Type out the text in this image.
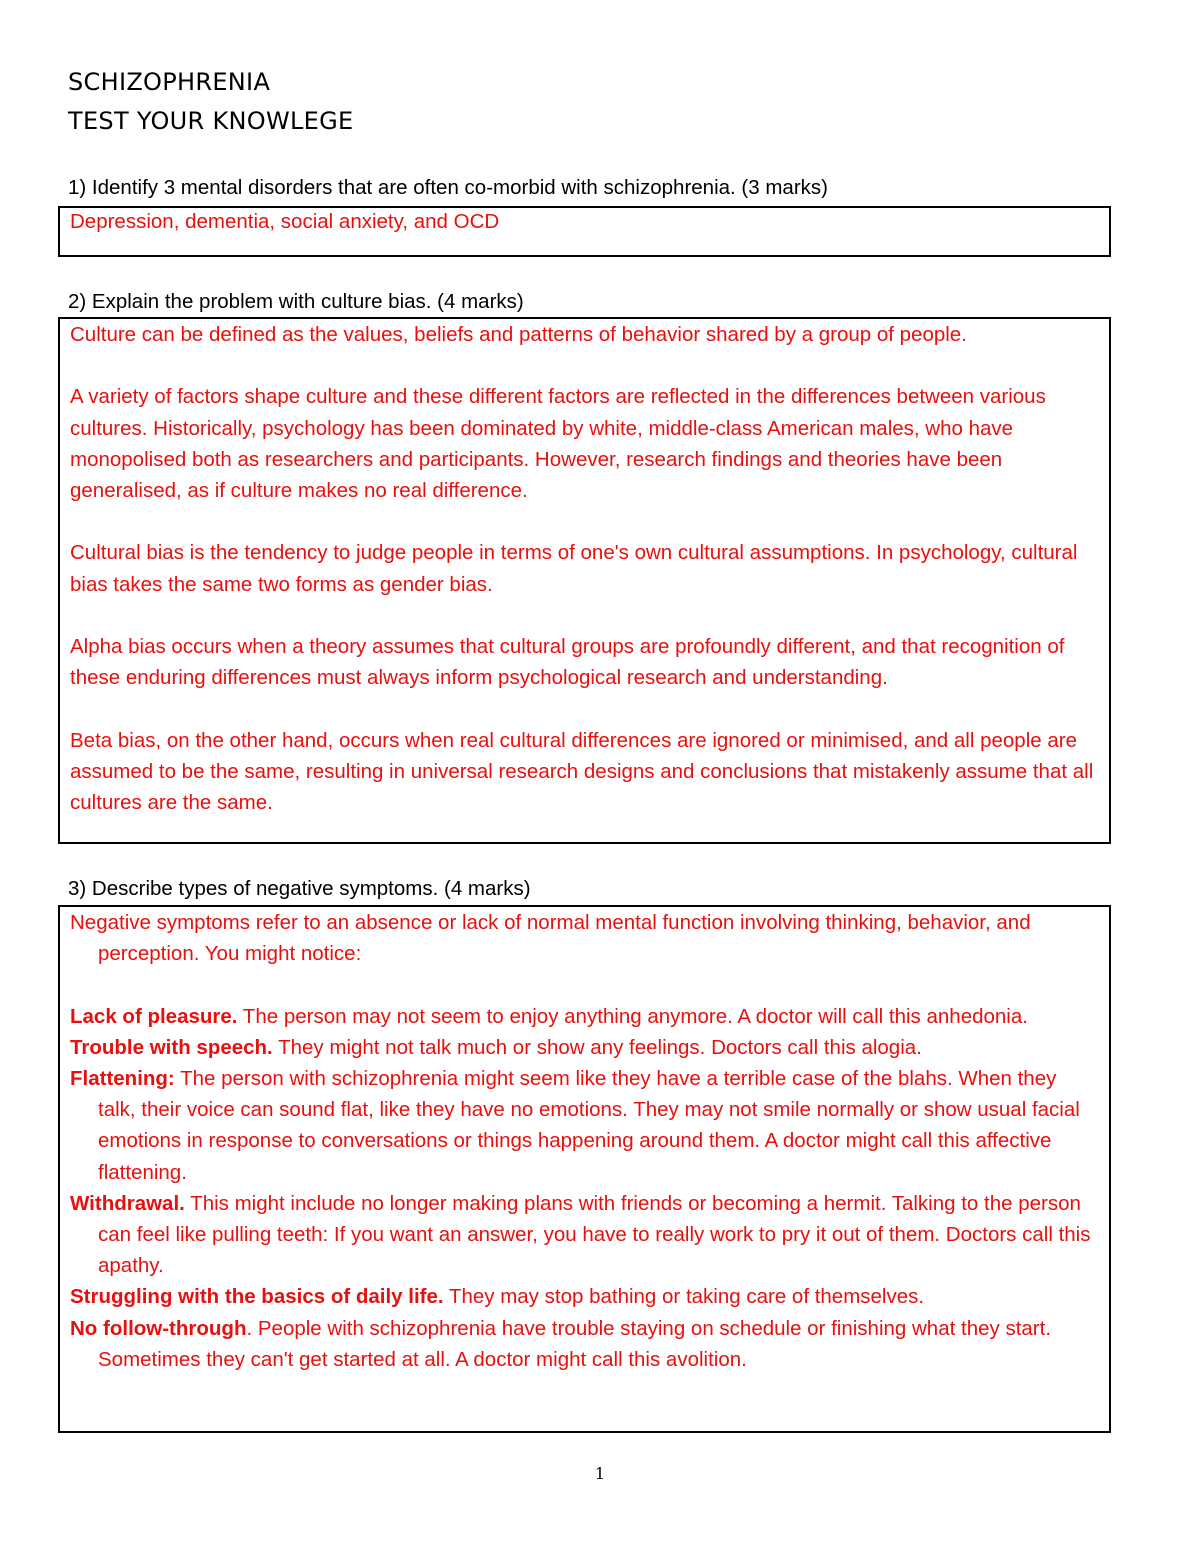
SCHIZOPHRENIA
TEST YOUR KNOWLEGE

1) Identify 3 mental disorders that are often co-morbid with schizophrenia. (3 marks)

Depression, dementia, social anxiety, and OCD

2) Explain the problem with culture bias. (4 marks)

Culture can be defined as the values, beliefs and patterns of behavior shared by a group of people.

A variety of factors shape culture and these different factors are reflected in the differences between various cultures. Historically, psychology has been dominated by white, middle-class American males, who have monopolised both as researchers and participants. However, research findings and theories have been generalised, as if culture makes no real difference.

Cultural bias is the tendency to judge people in terms of one's own cultural assumptions. In psychology, cultural bias takes the same two forms as gender bias.

Alpha bias occurs when a theory assumes that cultural groups are profoundly different, and that recognition of these enduring differences must always inform psychological research and understanding.

Beta bias, on the other hand, occurs when real cultural differences are ignored or minimised, and all people are assumed to be the same, resulting in universal research designs and conclusions that mistakenly assume that all cultures are the same.

3) Describe types of negative symptoms. (4 marks)

Negative symptoms refer to an absence or lack of normal mental function involving thinking, behavior, and perception. You might notice:

Lack of pleasure. The person may not seem to enjoy anything anymore. A doctor will call this anhedonia.

Trouble with speech. They might not talk much or show any feelings. Doctors call this alogia.

Flattening: The person with schizophrenia might seem like they have a terrible case of the blahs. When they talk, their voice can sound flat, like they have no emotions. They may not smile normally or show usual facial emotions in response to conversations or things happening around them. A doctor might call this affective flattening.

Withdrawal. This might include no longer making plans with friends or becoming a hermit. Talking to the person can feel like pulling teeth: If you want an answer, you have to really work to pry it out of them. Doctors call this apathy.

Struggling with the basics of daily life. They may stop bathing or taking care of themselves.

No follow-through. People with schizophrenia have trouble staying on schedule or finishing what they start. Sometimes they can't get started at all. A doctor might call this avolition.

1
